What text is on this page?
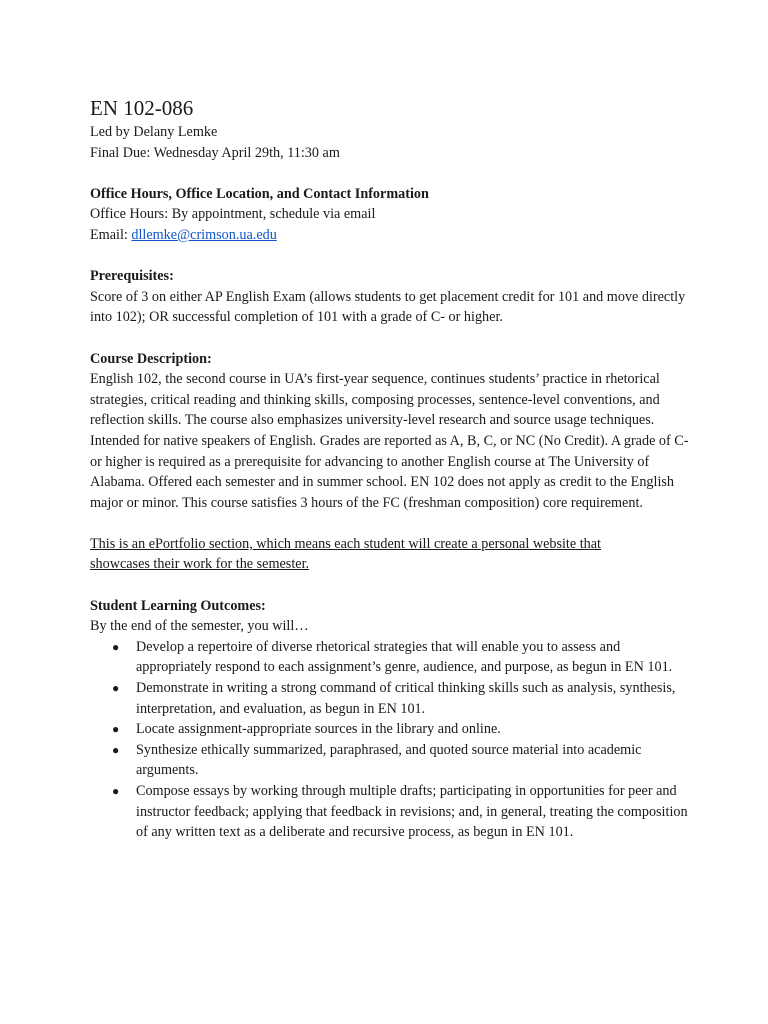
EN 102-086
Led by Delany Lemke
Final Due: Wednesday April 29th, 11:30 am
Office Hours, Office Location, and Contact Information
Office Hours: By appointment, schedule via email
Email: dllemke@crimson.ua.edu
Prerequisites:

Score of 3 on either AP English Exam (allows students to get placement credit for 101 and move directly into 102); OR successful completion of 101 with a grade of C- or higher.

Course Description:

English 102, the second course in UA’s first-year sequence, continues students’ practice in rhetorical strategies, critical reading and thinking skills, composing processes, sentence-level conventions, and reflection skills. The course also emphasizes university-level research and source usage techniques. Intended for native speakers of English. Grades are reported as A, B, C, or NC (No Credit). A grade of C- or higher is required as a prerequisite for advancing to another English course at The University of Alabama. Offered each semester and in summer school. EN 102 does not apply as credit to the English major or minor. This course satisfies 3 hours of the FC (freshman composition) core requirement.

This is an ePortfolio section, which means each student will create a personal website that showcases their work for the semester.

Student Learning Outcomes:
By the end of the semester, you will…
● Develop a repertoire of diverse rhetorical strategies that will enable you to assess and appropriately respond to each assignment’s genre, audience, and purpose, as begun in EN 101.
● Demonstrate in writing a strong command of critical thinking skills such as analysis, synthesis, interpretation, and evaluation, as begun in EN 101.
● Locate assignment-appropriate sources in the library and online.
● Synthesize ethically summarized, paraphrased, and quoted source material into academic arguments.
● Compose essays by working through multiple drafts; participating in opportunities for peer and instructor feedback; applying that feedback in revisions; and, in general, treating the composition of any written text as a deliberate and recursive process, as begun in EN 101.
